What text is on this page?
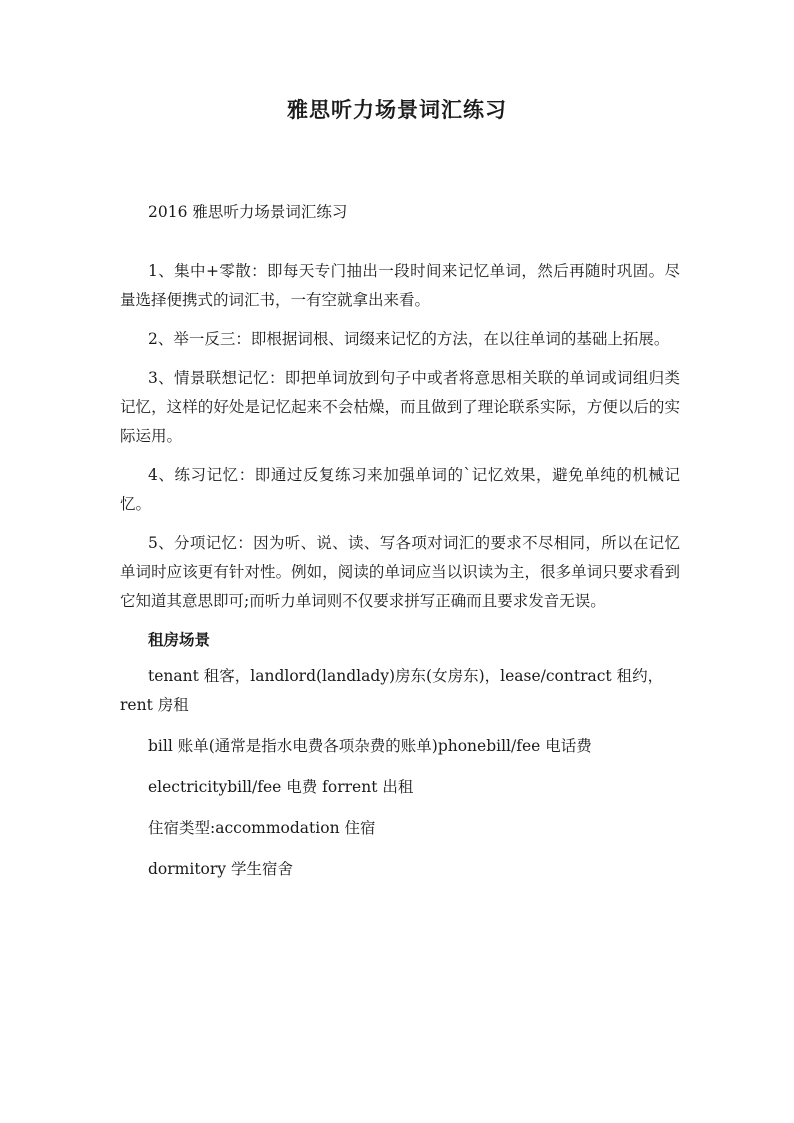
雅思听力场景词汇练习

2016 雅思听力场景词汇练习

1、集中+零散：即每天专门抽出一段时间来记忆单词，然后再随时巩固。尽量选择便携式的词汇书，一有空就拿出来看。

2、举一反三：即根据词根、词缀来记忆的方法，在以往单词的基础上拓展。

3、情景联想记忆：即把单词放到句子中或者将意思相关联的单词或词组归类记忆，这样的好处是记忆起来不会枯燥，而且做到了理论联系实际，方便以后的实际运用。

4、练习记忆：即通过反复练习来加强单词的`记忆效果，避免单纯的机械记忆。

5、分项记忆：因为听、说、读、写各项对词汇的要求不尽相同，所以在记忆单词时应该更有针对性。例如，阅读的单词应当以识读为主，很多单词只要求看到它知道其意思即可;而听力单词则不仅要求拼写正确而且要求发音无误。

租房场景

tenant 租客，landlord(landlady)房东(女房东)，lease/contract 租约，rent 房租

bill 账单(通常是指水电费各项杂费的账单)phonebill/fee 电话费

electricitybill/fee 电费 forrent 出租

住宿类型:accommodation 住宿

dormitory 学生宿舍
